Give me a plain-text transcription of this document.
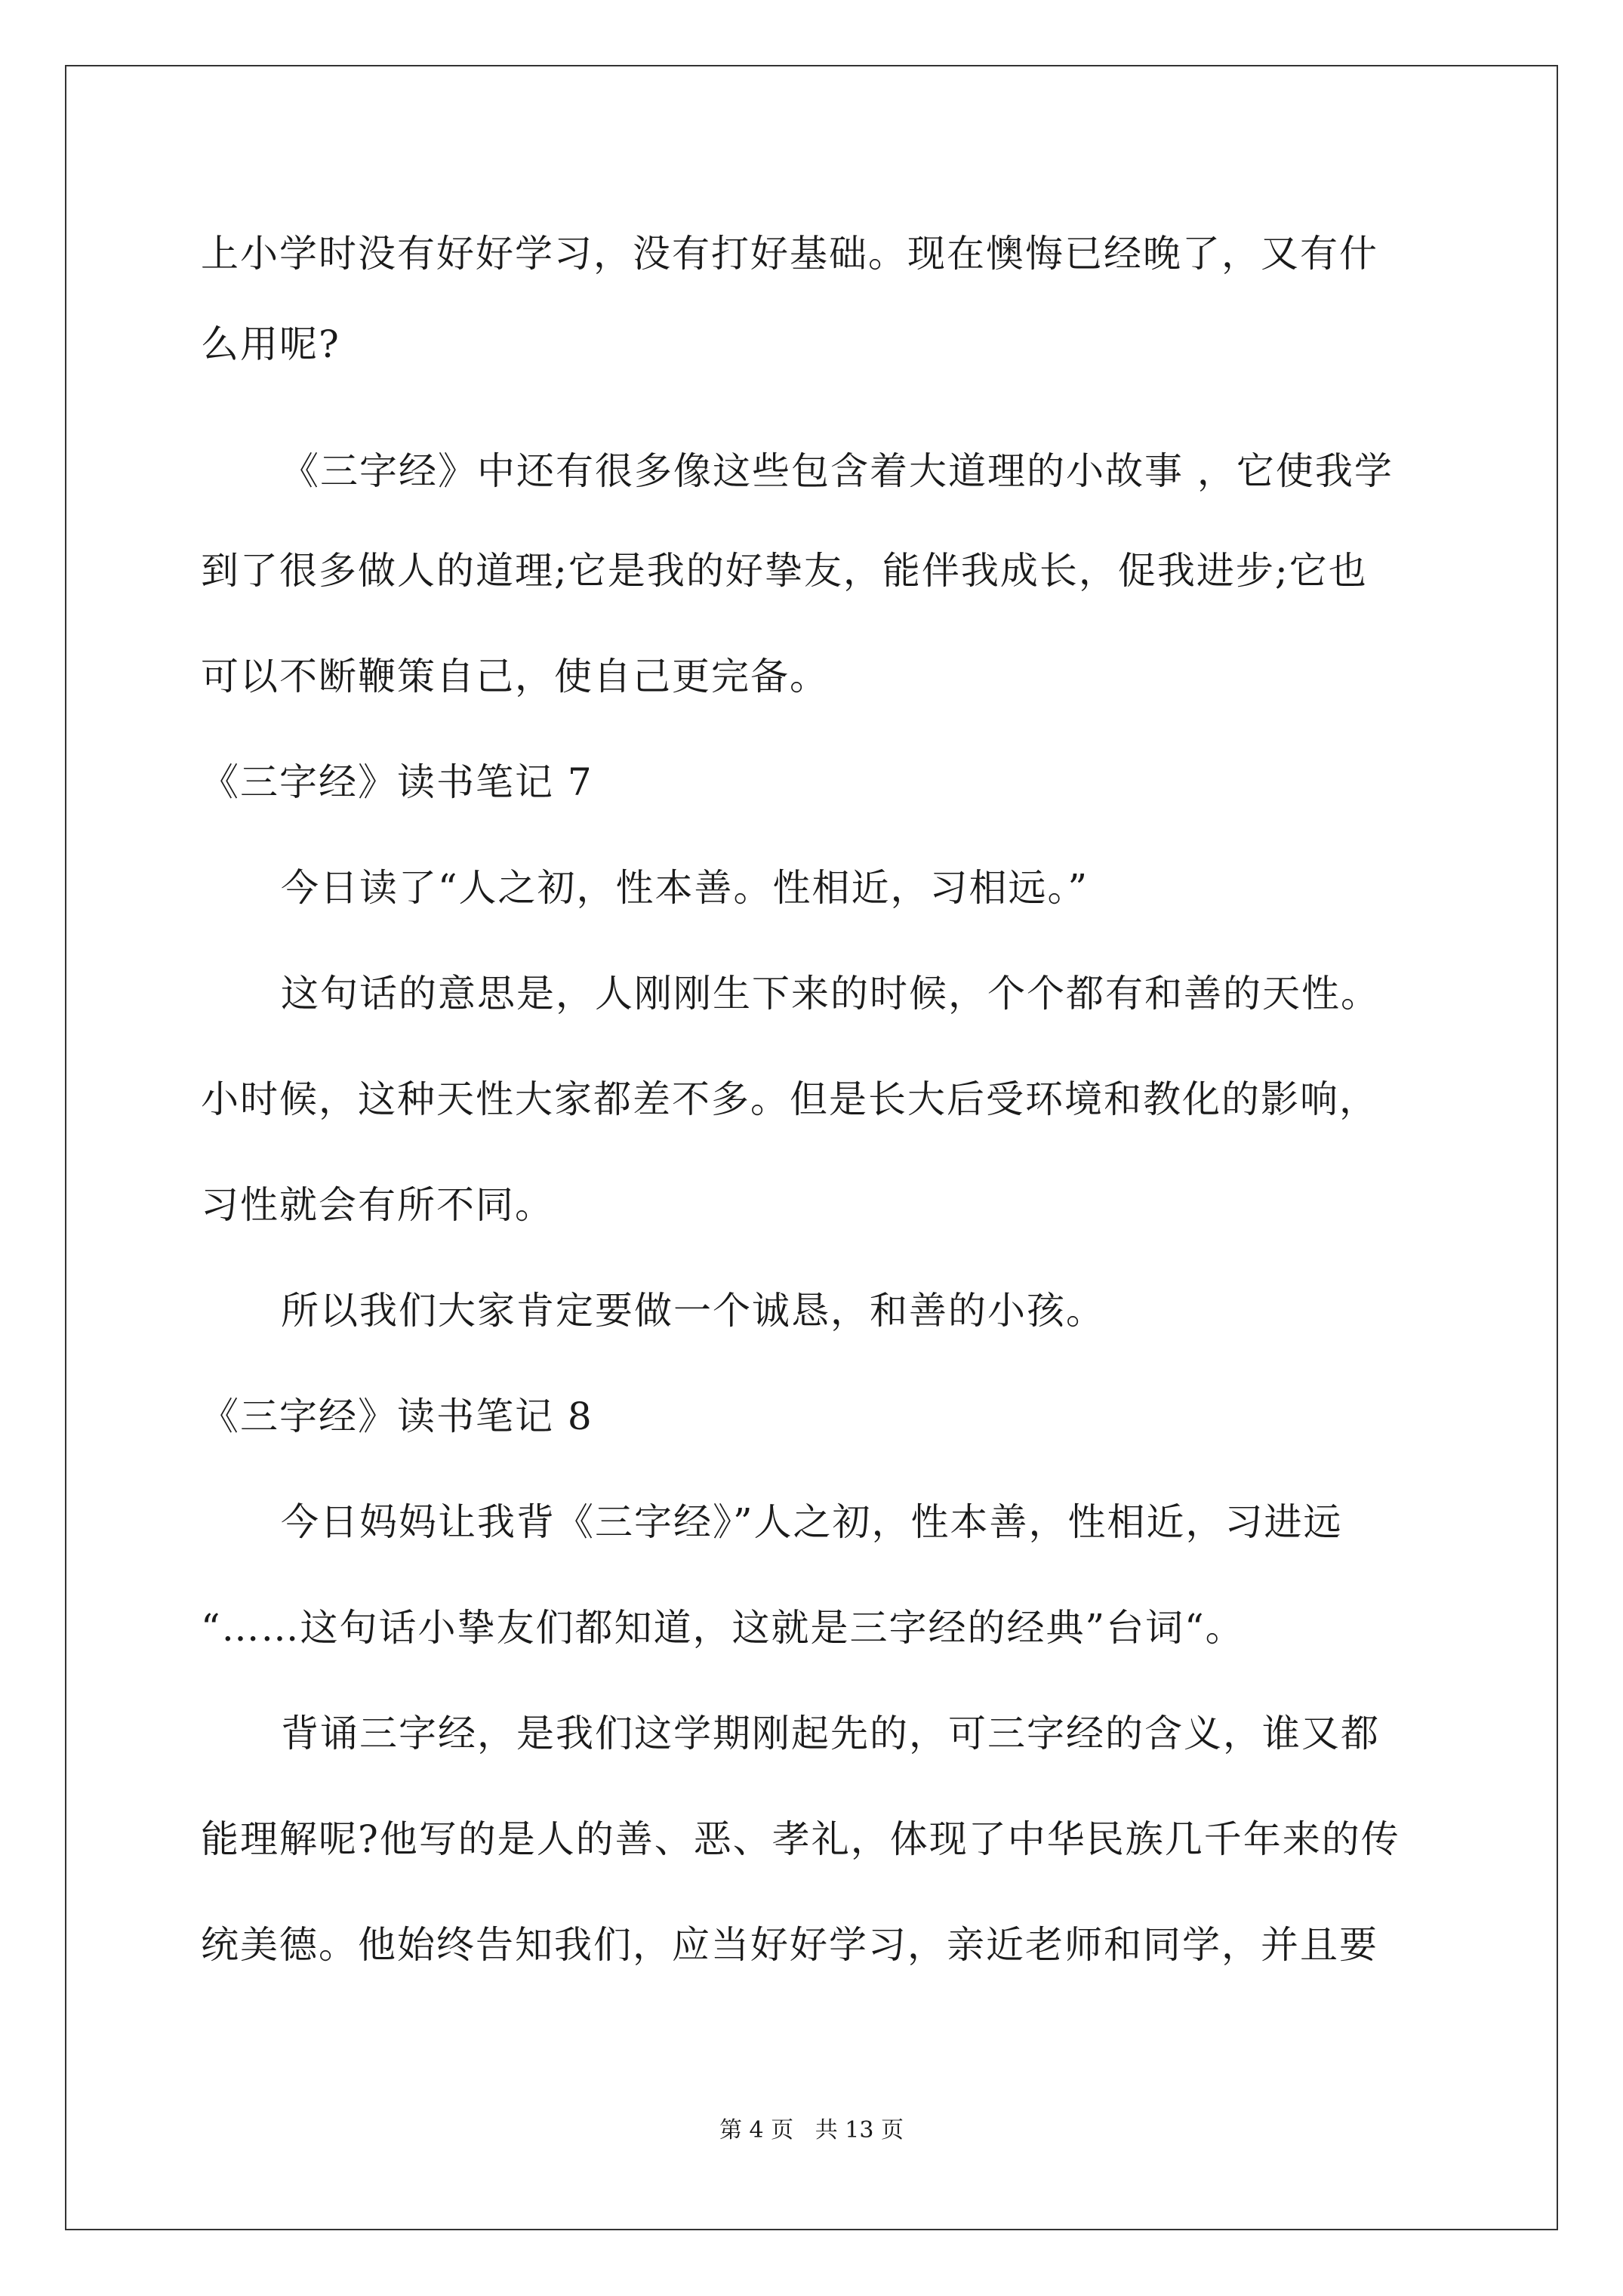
上小学时没有好好学习，没有打好基础。现在懊悔已经晚了，又有什
么用呢?
《三字经》中还有很多像这些包含着大道理的小故事 ，它使我学
到了很多做人的道理;它是我的好挚友，能伴我成长，促我进步;它也
可以不断鞭策自己，使自己更完备。
《三字经》读书笔记 7
今日读了“人之初，性本善。性相近，习相远。”
这句话的意思是，人刚刚生下来的时候，个个都有和善的天性。
小时候，这种天性大家都差不多。但是长大后受环境和教化的影响，
习性就会有所不同。
所以我们大家肯定要做一个诚恳，和善的小孩。
《三字经》读书笔记 8
今日妈妈让我背《三字经》”人之初，性本善，性相近，习进远
“……这句话小挚友们都知道，这就是三字经的经典”台词“。
背诵三字经，是我们这学期刚起先的，可三字经的含义，谁又都
能理解呢?他写的是人的善、恶、孝礼，体现了中华民族几千年来的传
统美德。他始终告知我们，应当好好学习，亲近老师和同学，并且要
第 4 页   共 13 页
